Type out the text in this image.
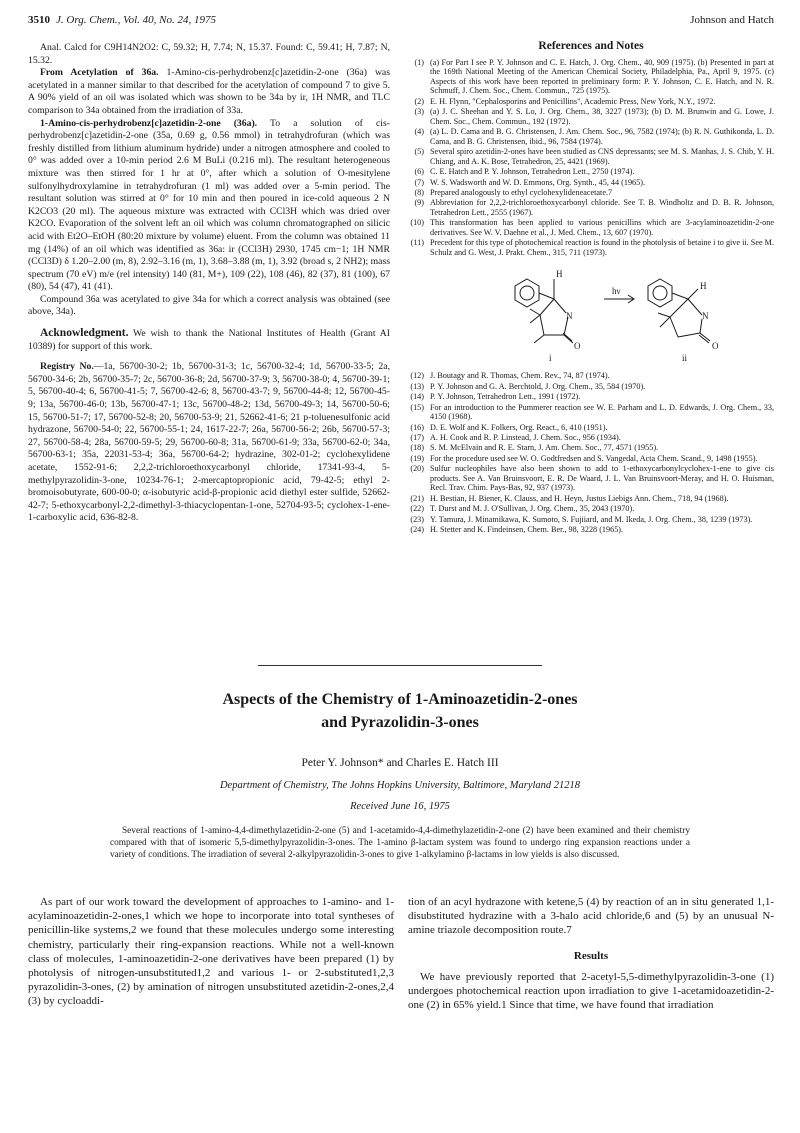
3510 J. Org. Chem., Vol. 40, No. 24, 1975	Johnson and Hatch

Anal. Calcd for C9H14N2O2: C, 59.32; H, 7.74; N, 15.37. Found: C, 59.41; H, 7.87; N, 15.32.

From Acetylation of 36a. 1-Amino-cis-perhydrobenz[c]azetidin-2-one (36a) was acetylated in a manner similar to that described for the acetylation of compound 7 to give 5. A 90% yield of an oil was isolated which was shown to be 34a by ir, 1H NMR, and TLC comparison to 34a obtained from the irradiation of 33a.

1-Amino-cis-perhydrobenz[c]azetidin-2-one (36a). To a solution of cis-perhydrobenz[c]azetidin-2-one (35a, 0.69 g, 0.56 mmol) in tetrahydrofuran (which was freshly distilled from lithium aluminum hydride) under a nitrogen atmosphere and cooled to 0° was added over a 10-min period 2.6 M BuLi (0.216 ml). The resultant heterogeneous mixture was then stirred for 1 hr at 0°, after which a solution of O-mesitylene sulfonylhydroxylamine in tetrahydrofuran (1 ml) was added over a 5-min period. The resultant solution was stirred at 0° for 10 min and then poured in ice-cold aqueous 2 N K2CO3 (20 ml). The aqueous mixture was extracted with CCl3H which was dried over K2CO. Evaporation of the solvent left an oil which was column chromatographed on silicic acid with Et2O–EtOH (80:20 mixture by volume) eluent. From the column was obtained 11 mg (14%) of an oil which was identified as 36a: ir (CCl3H) 2930, 1745 cm−1; 1H NMR (CCl3D) δ 1.20–2.00 (m, 8), 2.92–3.16 (m, 1), 3.68–3.88 (m, 1), 3.92 (broad s, 2 NH2); mass spectrum (70 eV) m/e (rel intensity) 140 (81, M+), 109 (22), 108 (46), 82 (37), 81 (100), 67 (80), 54 (47), 41 (41).

Compound 36a was acetylated to give 34a for which a correct analysis was obtained (see above, 34a).

Acknowledgment. We wish to thank the National Institutes of Health (Grant AI 10389) for support of this work.

Registry No.—1a, 56700-30-2; 1b, 56700-31-3; 1c, 56700-32-4; 1d, 56700-33-5; 2a, 56700-34-6; 2b, 56700-35-7; 2c, 56700-36-8; 2d, 56700-37-9; 3, 56700-38-0; 4, 56700-39-1; 5, 56700-40-4; 6, 56700-41-5; 7, 56700-42-6; 8, 56700-43-7; 9, 56700-44-8; 12, 56700-45-9; 13a, 56700-46-0; 13b, 56700-47-1; 13c, 56700-48-2; 13d, 56700-49-3; 14, 56700-50-6; 15, 56700-51-7; 17, 56700-52-8; 20, 56700-53-9; 21, 52662-41-6; 21 p-toluenesulfonic acid hydrazone, 56700-54-0; 22, 56700-55-1; 24, 1617-22-7; 26a, 56700-56-2; 26b, 56700-57-3; 27, 56700-58-4; 28a, 56700-59-5; 29, 56700-60-8; 31a, 56700-61-9; 33a, 56700-62-0; 34a, 56700-63-1; 35a, 22031-53-4; 36a, 56700-64-2; hydrazine, 302-01-2; cyclohexylidene acetate, 1552-91-6; 2,2,2-trichloroethoxycarbonyl chloride, 17341-93-4, 5-methylpyrazolidin-3-one, 10234-76-1; 2-mercaptopropionic acid, 79-42-5; ethyl 2-bromoisobutyrate, 600-00-0; α-isobutyric acid-β-propionic acid diethyl ester sulfide, 52662-42-7; 5-ethoxycarbonyl-2,2-dimethyl-3-thiacyclopentan-1-one, 52704-93-5; cyclohex-1-ene-1-carboxylic acid, 636-82-8.

References and Notes
(1) (a) For Part I see P. Y. Johnson and C. E. Hatch, J. Org. Chem., 40, 909 (1975). (b) Presented in part at the 169th National Meeting of the American Chemical Society, Philadelphia, Pa., April 9, 1975. (c) Aspects of this work have been reported in preliminary form: P. Y. Johnson, C. E. Hatch, and N. R. Schmuff, J. Chem. Soc., Chem. Commun., 725 (1975).
(2) E. H. Flynn, "Cephalosporins and Penicillins", Academic Press, New York, N.Y., 1972.
(3) (a) J. C. Sheehan and Y. S. Lo, J. Org. Chem., 38, 3227 (1973); (b) D. M. Brunwin and G. Lowe, J. Chem. Soc., Chem. Commun., 192 (1972).
(4) (a) L. D. Cama and B. G. Christensen, J. Am. Chem. Soc., 96, 7582 (1974); (b) R. N. Guthikonda, L. D. Cama, and B. G. Christensen, ibid., 96, 7584 (1974).
(5) Several spiro azetidin-2-ones have been studied as CNS depressants; see M. S. Manhas, J. S. Chib, Y. H. Chiang, and A. K. Bose, Tetrahedron, 25, 4421 (1969).
(6) C. E. Hatch and P. Y. Johnson, Tetrahedron Lett., 2750 (1974).
(7) W. S. Wadsworth and W. D. Emmons, Org. Synth., 45, 44 (1965).
(8) Prepared analogously to ethyl cyclohexylideneacetate.7
(9) Abbreviation for 2,2,2-trichloroethoxycarbonyl chloride. See T. B. Windholtz and D. B. R. Johnson, Tetrahedron Lett., 2555 (1967).
(10) This transformation has been applied to various penicillins which are 3-acylaminoazetidin-2-one derivatives. See W. V. Daehne et al., J. Med. Chem., 13, 607 (1970).
(11) Precedent for this type of photochemical reaction is found in the photolysis of betaine i to give ii. See M. Schulz and G. West, J. Prakt. Chem., 315, 711 (1973).
H
N
O
hν	H
N
O
i	ii
(12) J. Boutagy and R. Thomas, Chem. Rev., 74, 87 (1974).
(13) P. Y. Johnson and G. A. Berchtold, J. Org. Chem., 35, 584 (1970).
(14) P. Y. Johnson, Tetrahedron Lett., 1991 (1972).
(15) For an introduction to the Pummerer reaction see W. E. Parham and L. D. Edwards, J. Org. Chem., 33, 4150 (1968).
(16) D. E. Wolf and K. Folkers, Org. React., 6, 410 (1951).
(17) A. H. Cook and R. P. Linstead, J. Chem. Soc., 956 (1934).
(18) S. M. McElvain and R. E. Starn, J. Am. Chem. Soc., 77, 4571 (1955).
(19) For the procedure used see W. O. Godtfredsen and S. Vangedal, Acta Chem. Scand., 9, 1498 (1955).
(20) Sulfur nucleophiles have also been shown to add to 1-ethoxycarbonylcyclohex-1-ene to give cis products. See A. Van Bruinsvoort, E. R. De Waard, J. L. Van Bruinsvoort-Meray, and H. O. Huisman, Recl. Trav. Chim. Pays-Bas, 92, 937 (1973).
(21) H. Bestian, H. Biener, K. Clauss, and H. Heyn, Justus Liebigs Ann. Chem., 718, 94 (1968).
(22) T. Durst and M. J. O'Sullivan, J. Org. Chem., 35, 2043 (1970).
(23) Y. Tamura, J. Minamikawa, K. Sumoto, S. Fujiiard, and M. Ikeda, J. Org. Chem., 38, 1239 (1973).
(24) H. Stetter and K. Findeinsen, Chem. Ber., 98, 3228 (1965).
Aspects of the Chemistry of 1-Aminoazetidin-2-ones
and Pyrazolidin-3-ones
Peter Y. Johnson* and Charles E. Hatch III
Department of Chemistry, The Johns Hopkins University, Baltimore, Maryland 21218
Received June 16, 1975
Several reactions of 1-amino-4,4-dimethylazetidin-2-one (5) and 1-acetamido-4,4-dimethylazetidin-2-one (2) have been examined and their chemistry compared with that of isomeric 5,5-dimethylpyrazolidin-3-ones. The 1-amino β-lactam system was found to undergo ring expansion reactions under a variety of conditions. The irradiation of several 2-alkylpyrazolidin-3-ones to give 1-alkylamino β-lactams in low yields is also discussed.

As part of our work toward the development of approaches to 1-amino- and 1-acylaminoazetidin-2-ones,1 which we hope to incorporate into total syntheses of penicillin-like systems,2 we found that these molecules undergo some interesting chemistry, particularly their ring-expansion reactions. While not a well-known class of molecules, 1-aminoazetidin-2-one derivatives have been prepared (1) by photolysis of nitrogen-unsubstituted1,2 and various 1- or 2-substituted1,2,3 pyrazolidin-3-ones, (2) by amination of nitrogen unsubstituted azetidin-2-ones,2,4 (3) by cycloaddi-

tion of an acyl hydrazone with ketene,5 (4) by reaction of an in situ generated 1,1-disubstituted hydrazine with a 3-halo acid chloride,6 and (5) by an unusual N-amine triazole decomposition route.7

Results

We have previously reported that 2-acetyl-5,5-dimethylpyrazolidin-3-one (1) undergoes photochemical reaction upon irradiation to give 1-acetamidoazetidin-2-one (2) in 65% yield.1 Since that time, we have found that irradiation
